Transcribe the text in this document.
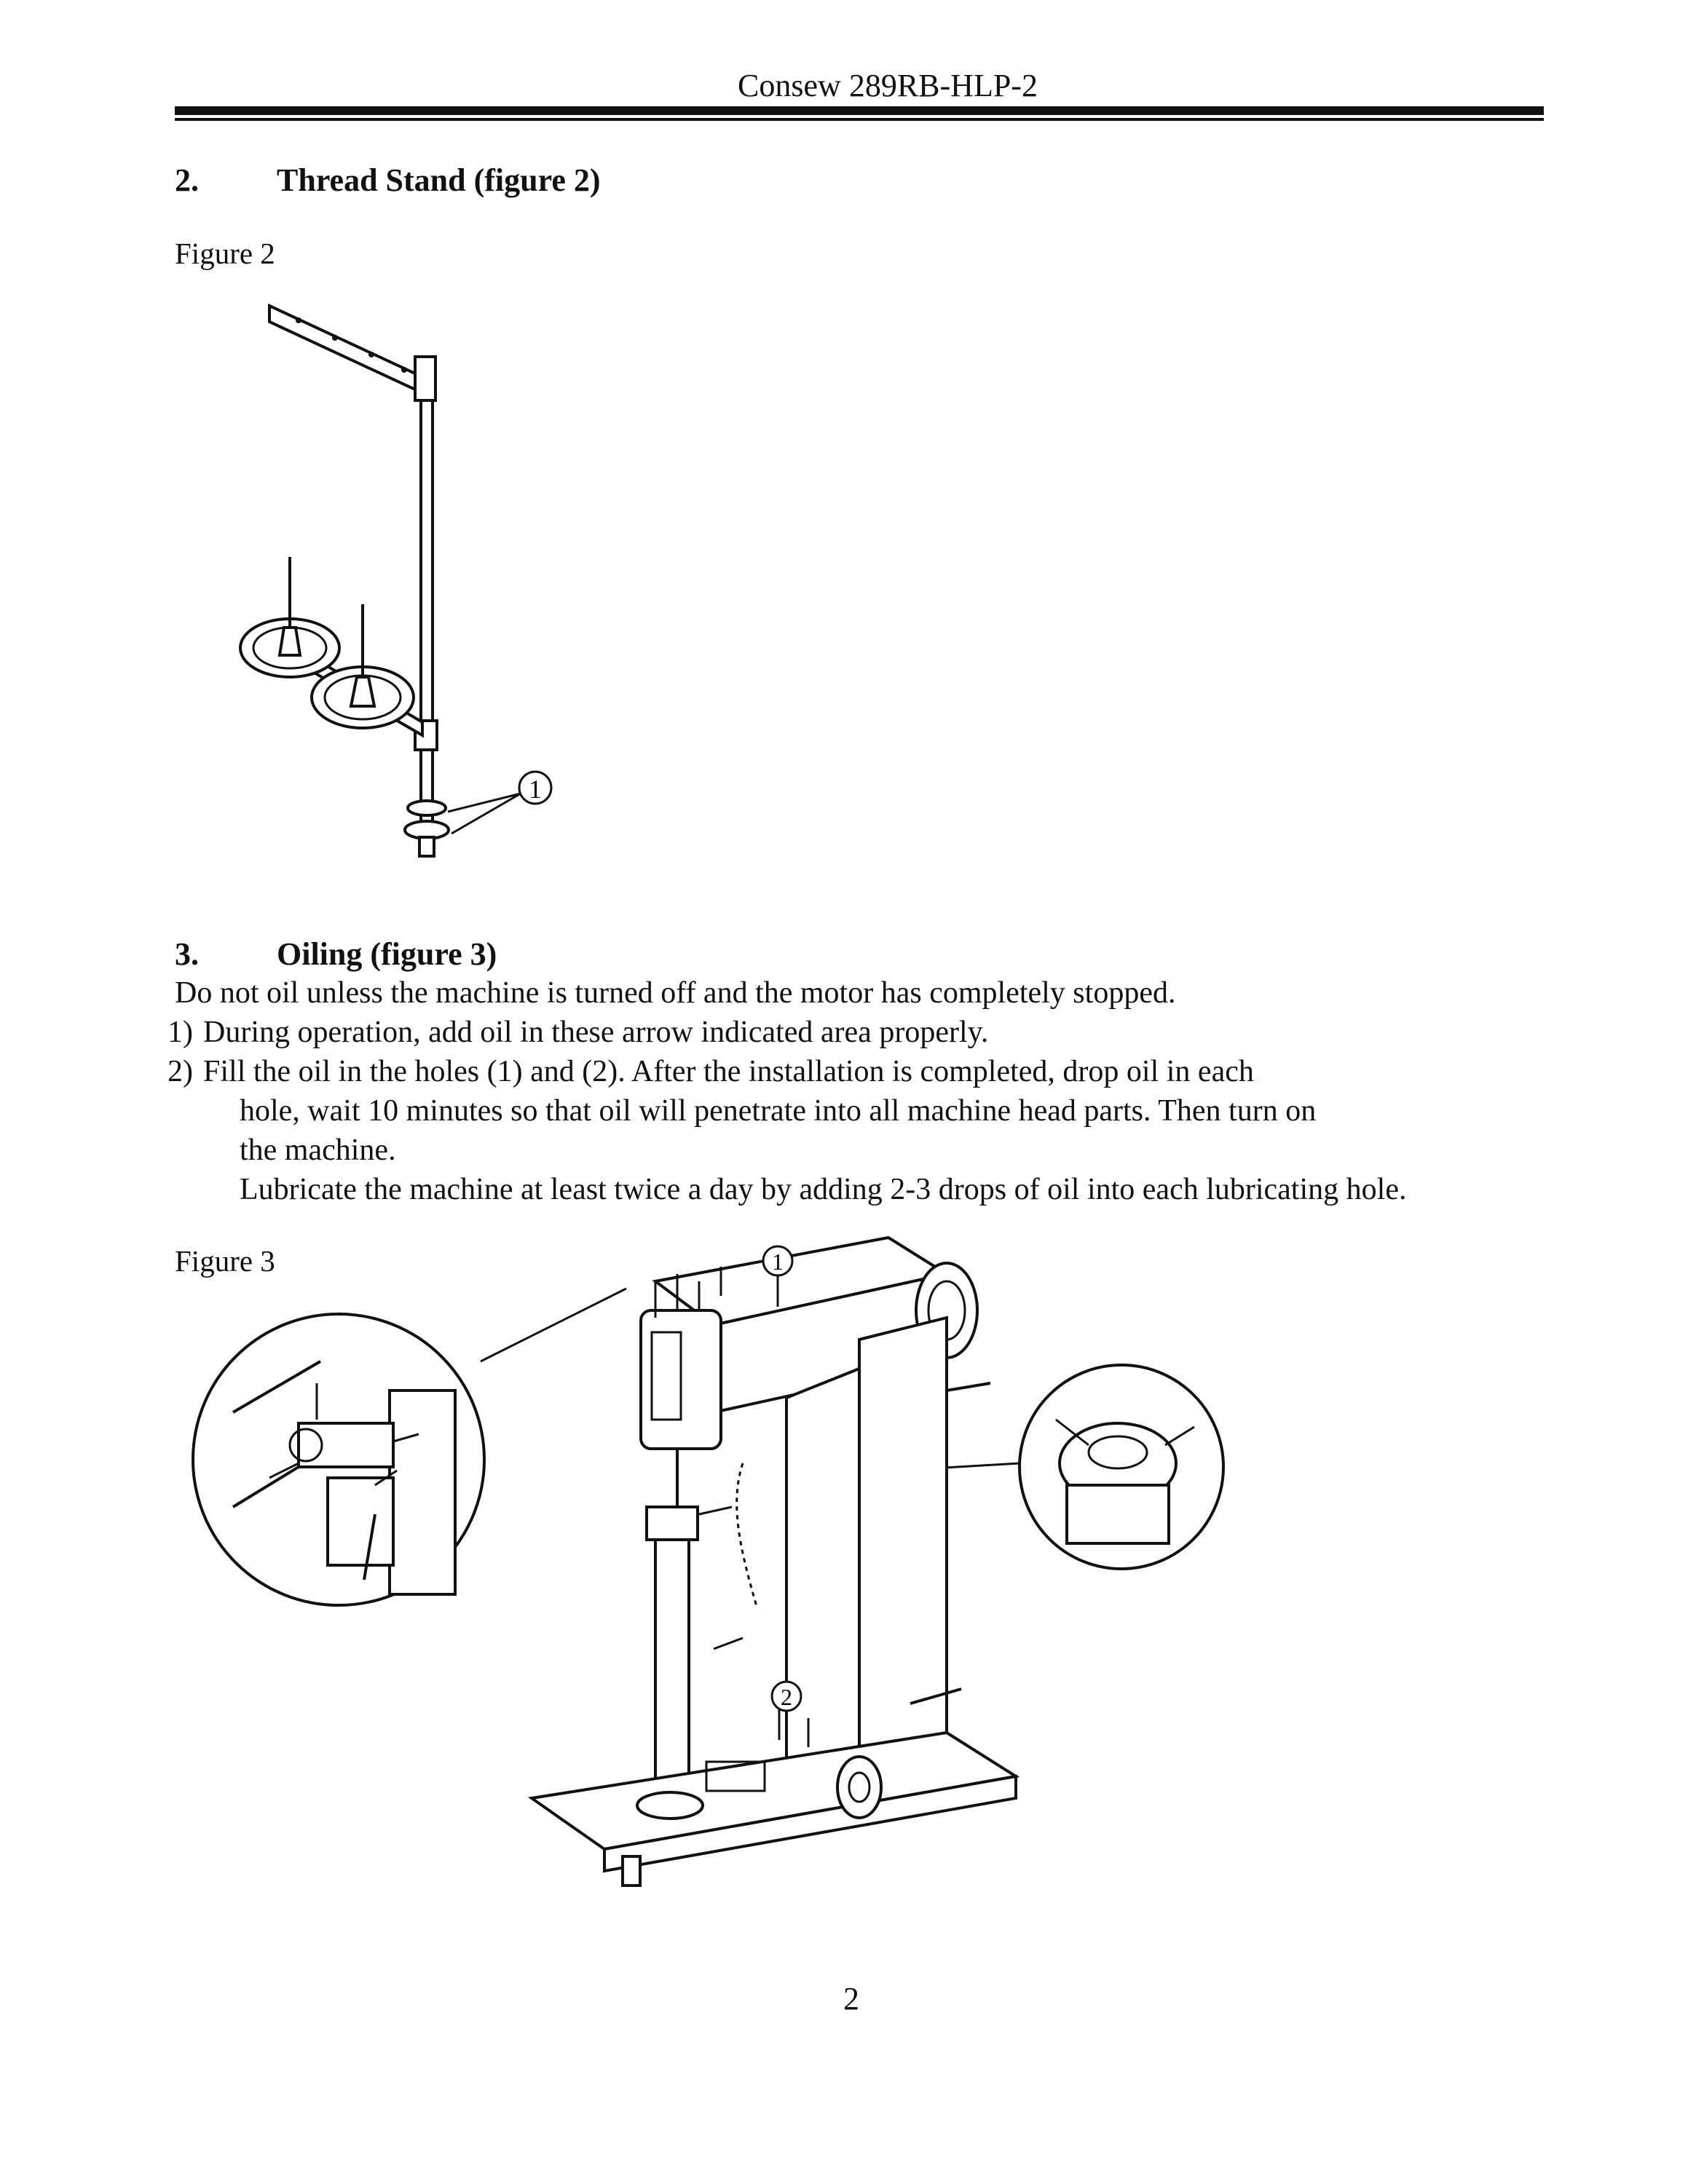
Consew 289RB-HLP-2
2. Thread Stand (figure 2)
Figure 2
1
3. Oiling (figure 3)
Do not oil unless the machine is turned off and the motor has completely stopped.
1) During operation, add oil in these arrow indicated area properly.
2) Fill the oil in the holes (1) and (2). After the installation is completed, drop oil in each
hole, wait 10 minutes so that oil will penetrate into all machine head parts. Then turn on
the machine.
Lubricate the machine at least twice a day by adding 2-3 drops of oil into each lubricating hole.
Figure 3	1
2
2
